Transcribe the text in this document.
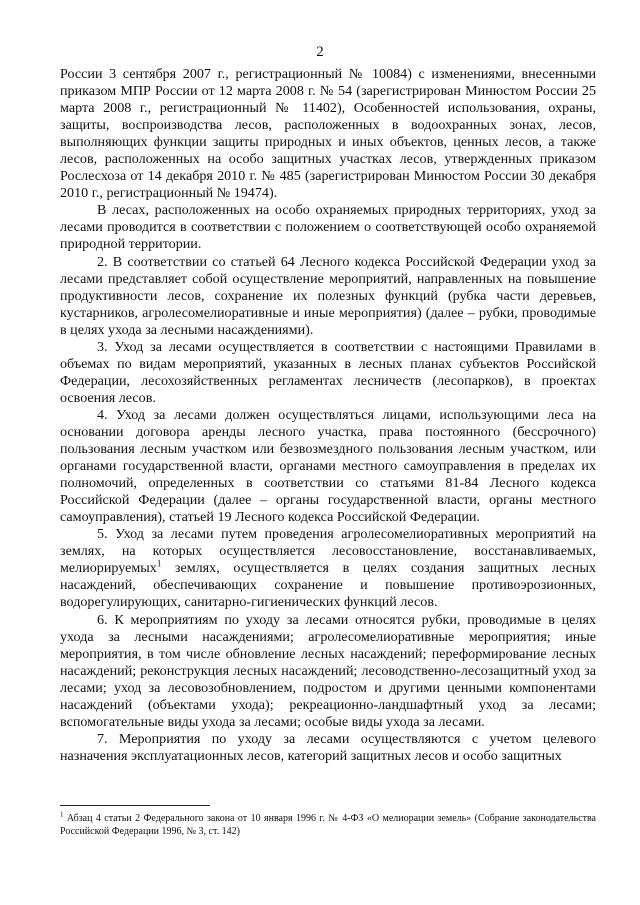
2

России 3 сентября 2007 г., регистрационный № 10084) с изменениями, внесенными приказом МПР России от 12 марта 2008 г. № 54 (зарегистрирован Минюстом России 25 марта 2008 г., регистрационный № 11402), Особенностей использования, охраны, защиты, воспроизводства лесов, расположенных в водоохранных зонах, лесов, выполняющих функции защиты природных и иных объектов, ценных лесов, а также лесов, расположенных на особо защитных участках лесов, утвержденных приказом Рослесхоза от 14 декабря 2010 г. № 485 (зарегистрирован Минюстом России 30 декабря 2010 г., регистрационный № 19474).

В лесах, расположенных на особо охраняемых природных территориях, уход за лесами проводится в соответствии с положением о соответствующей особо охраняемой природной территории.

2. В соответствии со статьей 64 Лесного кодекса Российской Федерации уход за лесами представляет собой осуществление мероприятий, направленных на повышение продуктивности лесов, сохранение их полезных функций (рубка части деревьев, кустарников, агролесомелиоративные и иные мероприятия) (далее – рубки, проводимые в целях ухода за лесными насаждениями).

3. Уход за лесами осуществляется в соответствии с настоящими Правилами в объемах по видам мероприятий, указанных в лесных планах субъектов Российской Федерации, лесохозяйственных регламентах лесничеств (лесопарков), в проектах освоения лесов.

4. Уход за лесами должен осуществляться лицами, использующими леса на основании договора аренды лесного участка, права постоянного (бессрочного) пользования лесным участком или безвозмездного пользования лесным участком, или органами государственной власти, органами местного самоуправления в пределах их полномочий, определенных в соответствии со статьями 81-84 Лесного кодекса Российской Федерации (далее – органы государственной власти, органы местного самоуправления), статьей 19 Лесного кодекса Российской Федерации.

5. Уход за лесами путем проведения агролесомелиоративных мероприятий на землях, на которых осуществляется лесовосстановление, восстанавливаемых, мелиорируемых$^1$ землях, осуществляется в целях создания защитных лесных насаждений, обеспечивающих сохранение и повышение противоэрозионных, водорегулирующих, санитарно-гигиенических функций лесов.

6. К мероприятиям по уходу за лесами относятся рубки, проводимые в целях ухода за лесными насаждениями; агролесомелиоративные мероприятия; иные мероприятия, в том числе обновление лесных насаждений; переформирование лесных насаждений; реконструкция лесных насаждений; лесоводственно-лесозащитный уход за лесами; уход за лесовозобновлением, подростом и другими ценными компонентами насаждений (объектами ухода); рекреационно-ландшафтный уход за лесами; вспомогательные виды ухода за лесами; особые виды ухода за лесами.

7. Мероприятия по уходу за лесами осуществляются с учетом целевого назначения эксплуатационных лесов, категорий защитных лесов и особо защитных

$^1$ Абзац 4 статьи 2 Федерального закона от 10 января 1996 г. № 4-ФЗ «О мелиорации земель» (Собрание законодательства Российской Федерации 1996, № 3, ст. 142)
